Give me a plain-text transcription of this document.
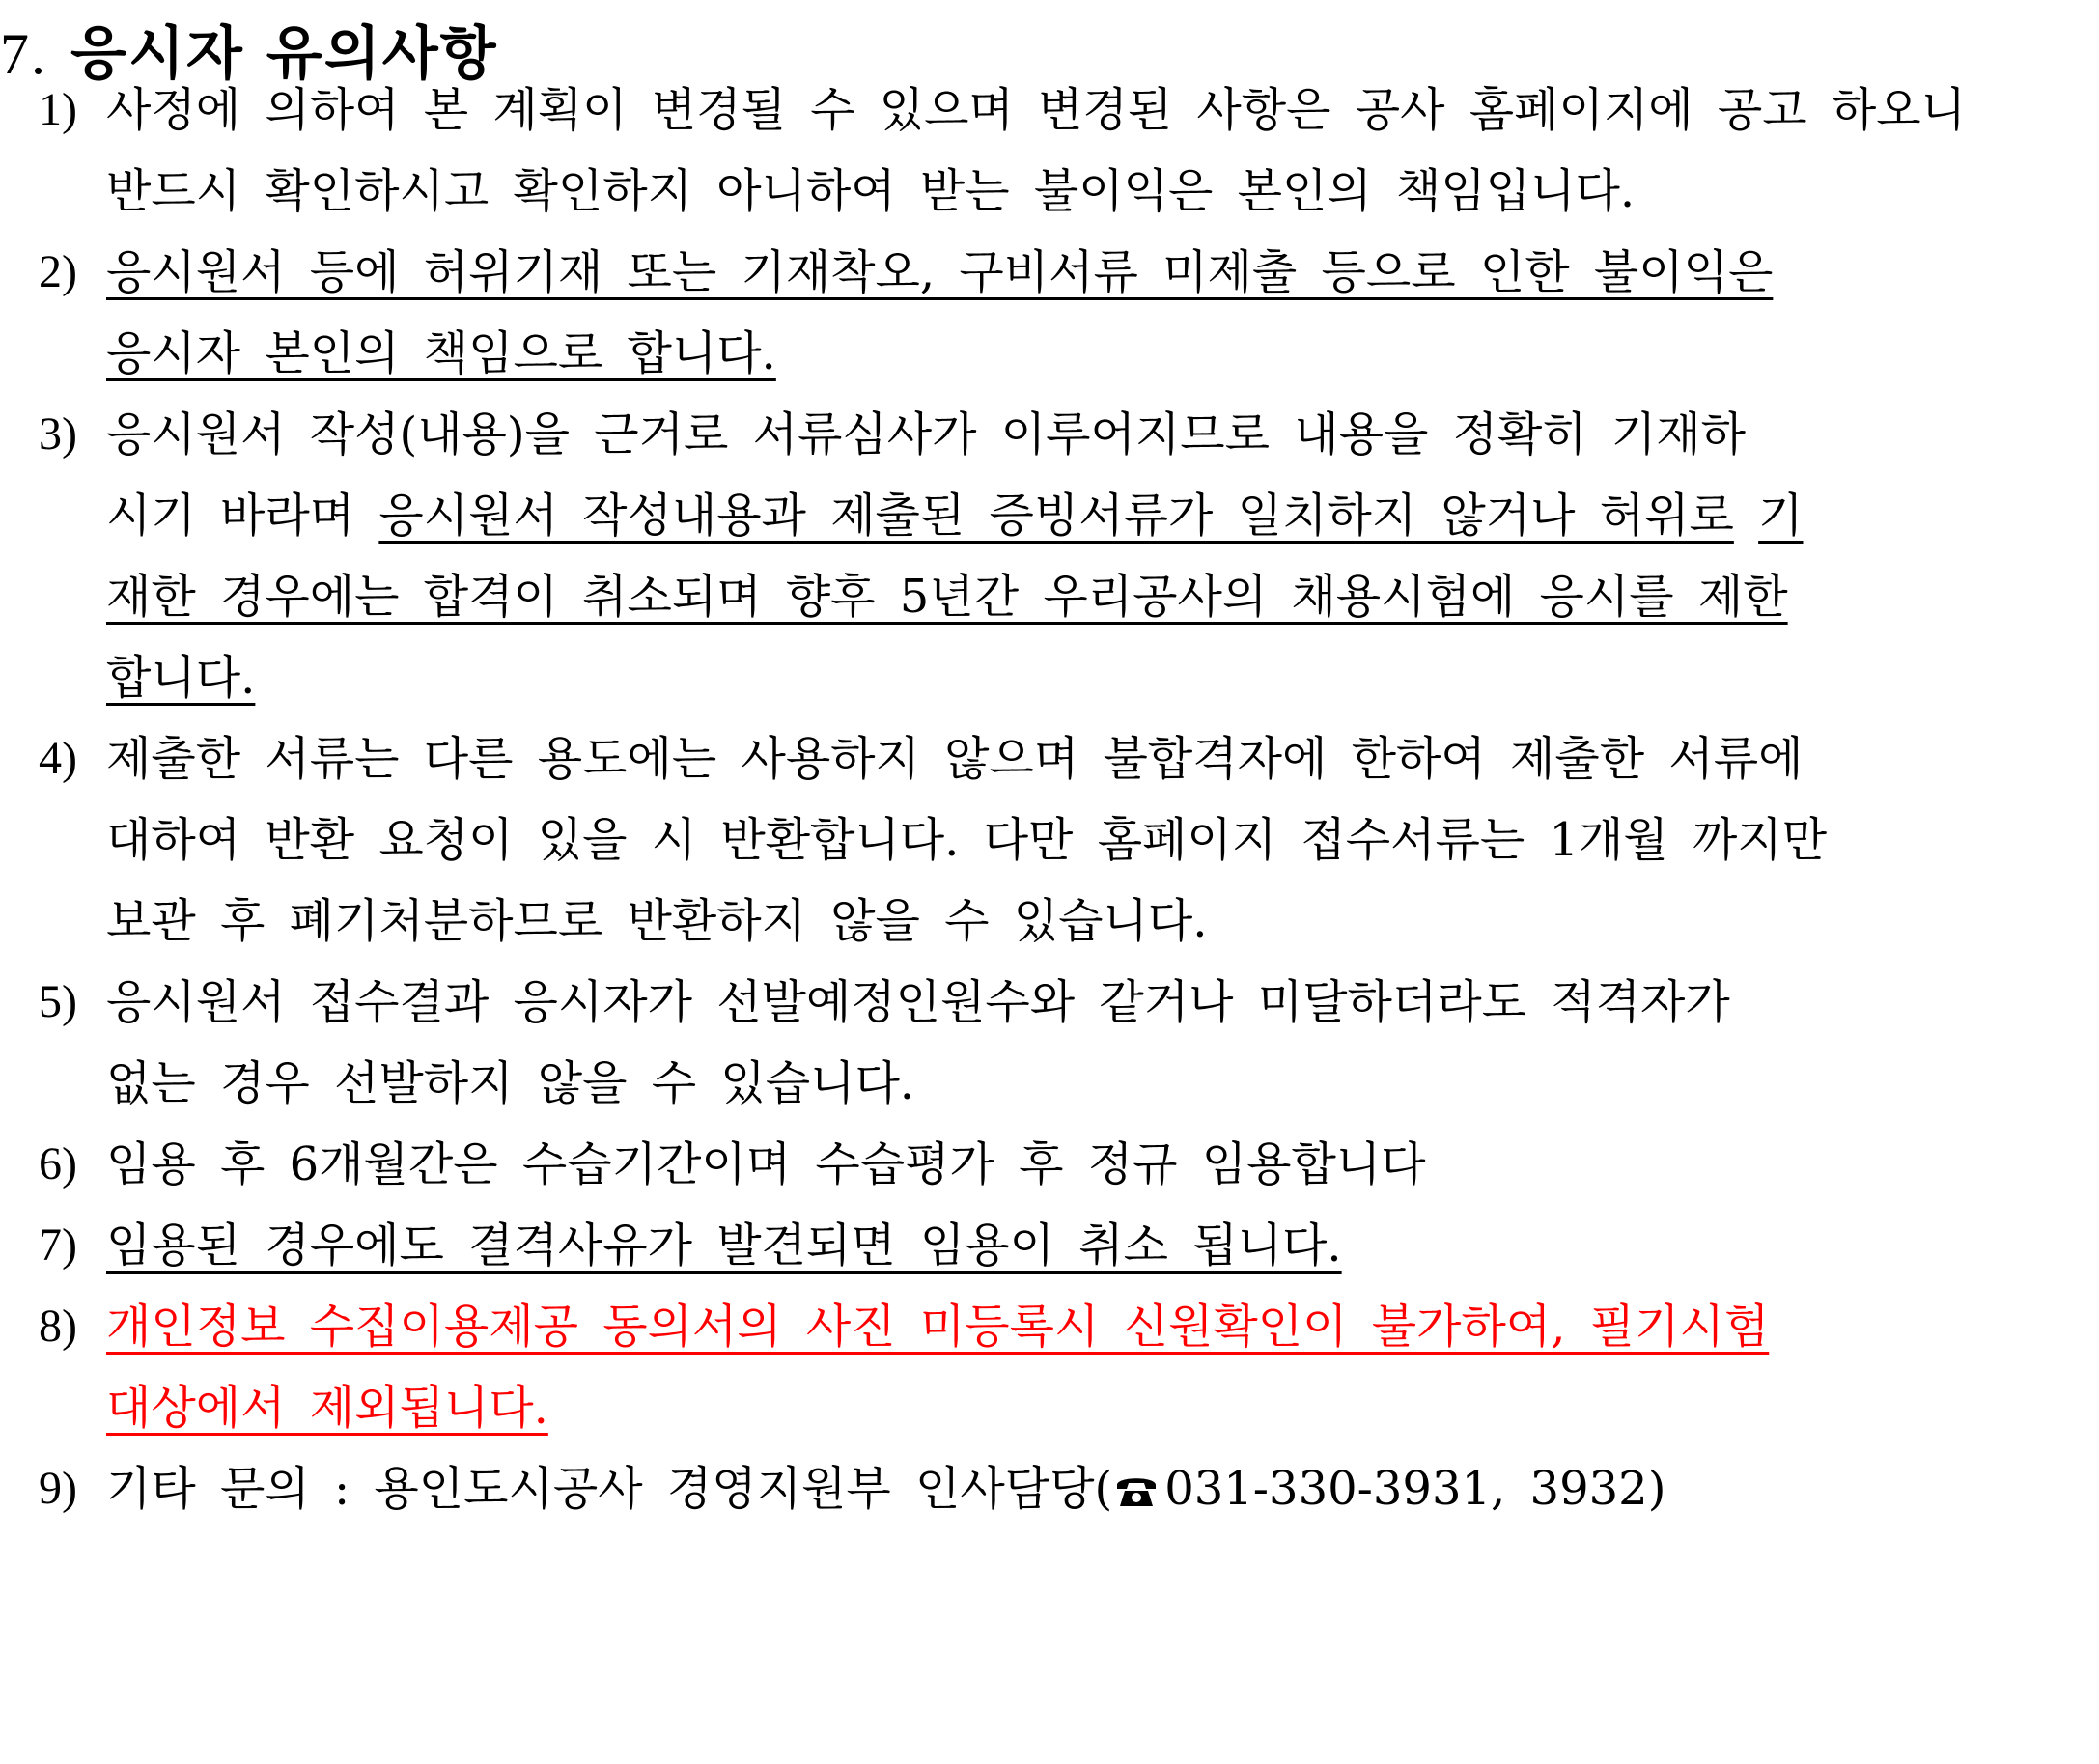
7. 응시자 유의사항
1) 사정에 의하여 본 계획이 변경될 수 있으며 변경된 사항은 공사 홈페이지에 공고 하오니
반드시 확인하시고 확인하지 아니하여 받는 불이익은 본인의 책임입니다.
2) 응시원서 등에 허위기재 또는 기재착오, 구비서류 미제출 등으로 인한 불이익은
응시자 본인의 책임으로 합니다.
3) 응시원서 작성(내용)을 근거로 서류심사가 이루어지므로 내용을 정확히 기재하
시기 바라며 응시원서 작성내용과 제출된 증빙서류가 일치하지 않거나 허위로 기
재한 경우에는 합격이 취소되며 향후 5년간 우리공사의 채용시험에 응시를 제한
합니다.
4) 제출한 서류는 다른 용도에는 사용하지 않으며 불합격자에 한하여 제출한 서류에
대하여 반환 요청이 있을 시 반환합니다. 다만 홈페이지 접수서류는 1개월 까지만
보관 후 폐기처분하므로 반환하지 않을 수 있습니다.
5) 응시원서 접수결과 응시자가 선발예정인원수와 같거나 미달하더라도 적격자가
없는 경우 선발하지 않을 수 있습니다.
6) 임용 후 6개월간은 수습기간이며 수습평가 후 정규 임용합니다
7) 임용된 경우에도 결격사유가 발견되면 임용이 취소 됩니다.
8) 개인정보 수집이용제공 동의서의 사진 미등록시 신원확인이 불가하여, 필기시험
대상에서 제외됩니다.
9) 기타 문의 : 용인도시공사 경영지원부 인사담당( 031-330-3931, 3932)
